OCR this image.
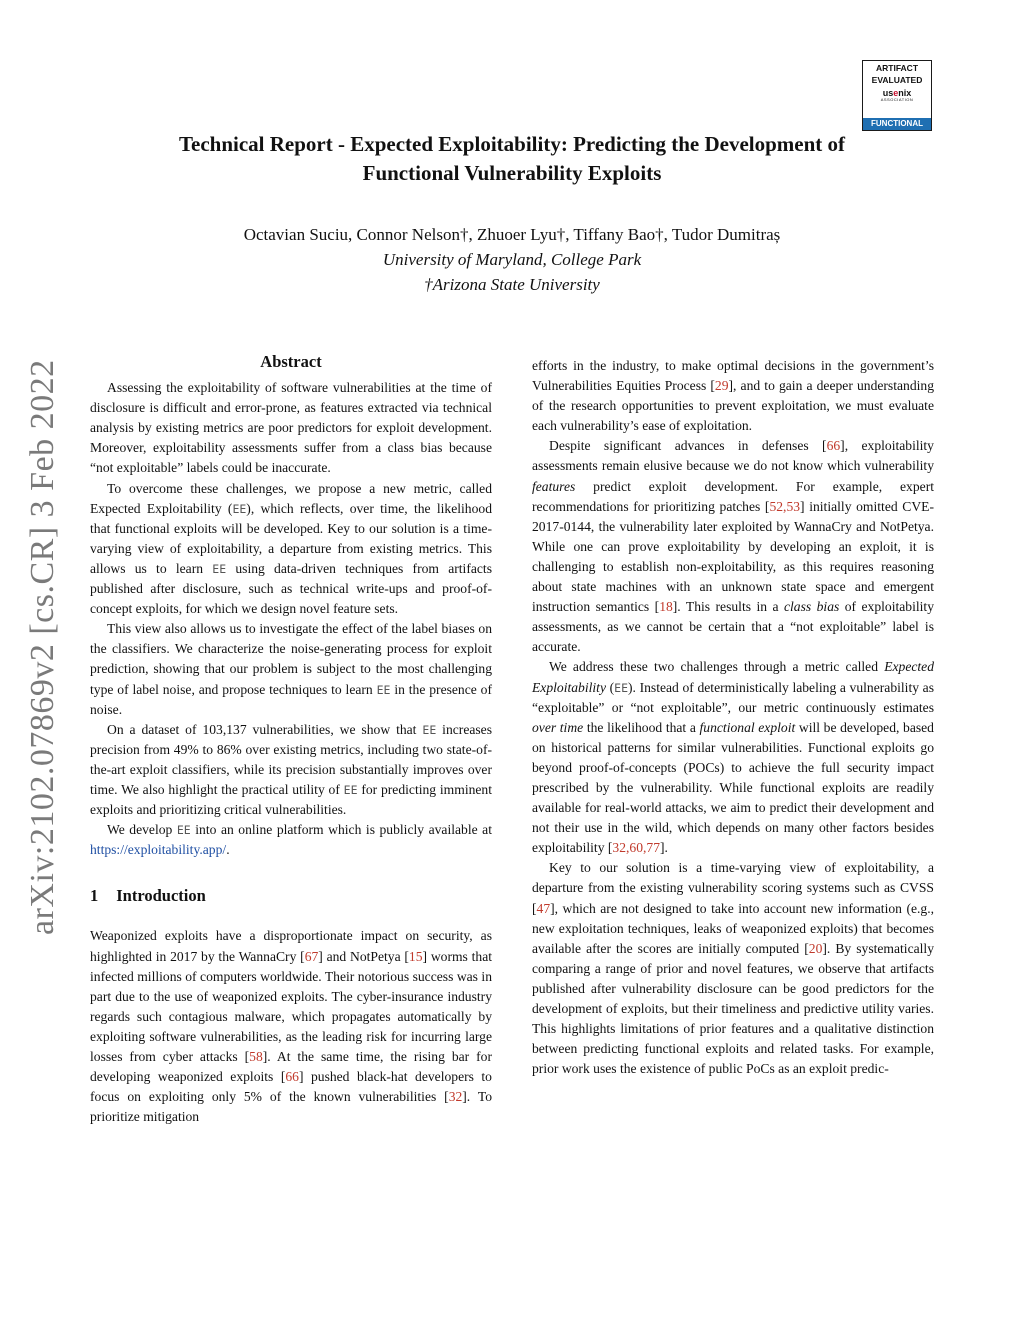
arXiv:2102.07869v2 [cs.CR] 3 Feb 2022
ARTIFACT
EVALUATED
usenix
ASSOCIATION
FUNCTIONAL
Technical Report - Expected Exploitability: Predicting the Development of
Functional Vulnerability Exploits
Octavian Suciu, Connor Nelson†, Zhuoer Lyu†, Tiffany Bao†, Tudor Dumitraș
University of Maryland, College Park
†Arizona State University
Abstract

Assessing the exploitability of software vulnerabilities at the time of disclosure is difficult and error-prone, as features extracted via technical analysis by existing metrics are poor predictors for exploit development. Moreover, exploitability assessments suffer from a class bias because “not exploitable” labels could be inaccurate.

To overcome these challenges, we propose a new metric, called Expected Exploitability (EE), which reflects, over time, the likelihood that functional exploits will be developed. Key to our solution is a time-varying view of exploitability, a departure from existing metrics. This allows us to learn EE using data-driven techniques from artifacts published after disclosure, such as technical write-ups and proof-of-concept exploits, for which we design novel feature sets.

This view also allows us to investigate the effect of the label biases on the classifiers. We characterize the noise-generating process for exploit prediction, showing that our problem is subject to the most challenging type of label noise, and propose techniques to learn EE in the presence of noise.

On a dataset of 103,137 vulnerabilities, we show that EE increases precision from 49% to 86% over existing metrics, including two state-of-the-art exploit classifiers, while its precision substantially improves over time. We also highlight the practical utility of EE for predicting imminent exploits and prioritizing critical vulnerabilities.

We develop EE into an online platform which is publicly available at https://exploitability.app/.

1 Introduction

Weaponized exploits have a disproportionate impact on security, as highlighted in 2017 by the WannaCry [67] and NotPetya [15] worms that infected millions of computers worldwide. Their notorious success was in part due to the use of weaponized exploits. The cyber-insurance industry regards such contagious malware, which propagates automatically by exploiting software vulnerabilities, as the leading risk for incurring large losses from cyber attacks [58]. At the same time, the rising bar for developing weaponized exploits [66] pushed black-hat developers to focus on exploiting only 5% of the known vulnerabilities [32]. To prioritize mitigation

efforts in the industry, to make optimal decisions in the government’s Vulnerabilities Equities Process [29], and to gain a deeper understanding of the research opportunities to prevent exploitation, we must evaluate each vulnerability’s ease of exploitation.

Despite significant advances in defenses [66], exploitability assessments remain elusive because we do not know which vulnerability features predict exploit development. For example, expert recommendations for prioritizing patches [52,53] initially omitted CVE-2017-0144, the vulnerability later exploited by WannaCry and NotPetya. While one can prove exploitability by developing an exploit, it is challenging to establish non-exploitability, as this requires reasoning about state machines with an unknown state space and emergent instruction semantics [18]. This results in a class bias of exploitability assessments, as we cannot be certain that a “not exploitable” label is accurate.

We address these two challenges through a metric called Expected Exploitability (EE). Instead of deterministically labeling a vulnerability as “exploitable” or “not exploitable”, our metric continuously estimates over time the likelihood that a functional exploit will be developed, based on historical patterns for similar vulnerabilities. Functional exploits go beyond proof-of-concepts (POCs) to achieve the full security impact prescribed by the vulnerability. While functional exploits are readily available for real-world attacks, we aim to predict their development and not their use in the wild, which depends on many other factors besides exploitability [32,60,77].

Key to our solution is a time-varying view of exploitability, a departure from the existing vulnerability scoring systems such as CVSS [47], which are not designed to take into account new information (e.g., new exploitation techniques, leaks of weaponized exploits) that becomes available after the scores are initially computed [20]. By systematically comparing a range of prior and novel features, we observe that artifacts published after vulnerability disclosure can be good predictors for the development of exploits, but their timeliness and predictive utility varies. This highlights limitations of prior features and a qualitative distinction between predicting functional exploits and related tasks. For example, prior work uses the existence of public PoCs as an exploit predic-
